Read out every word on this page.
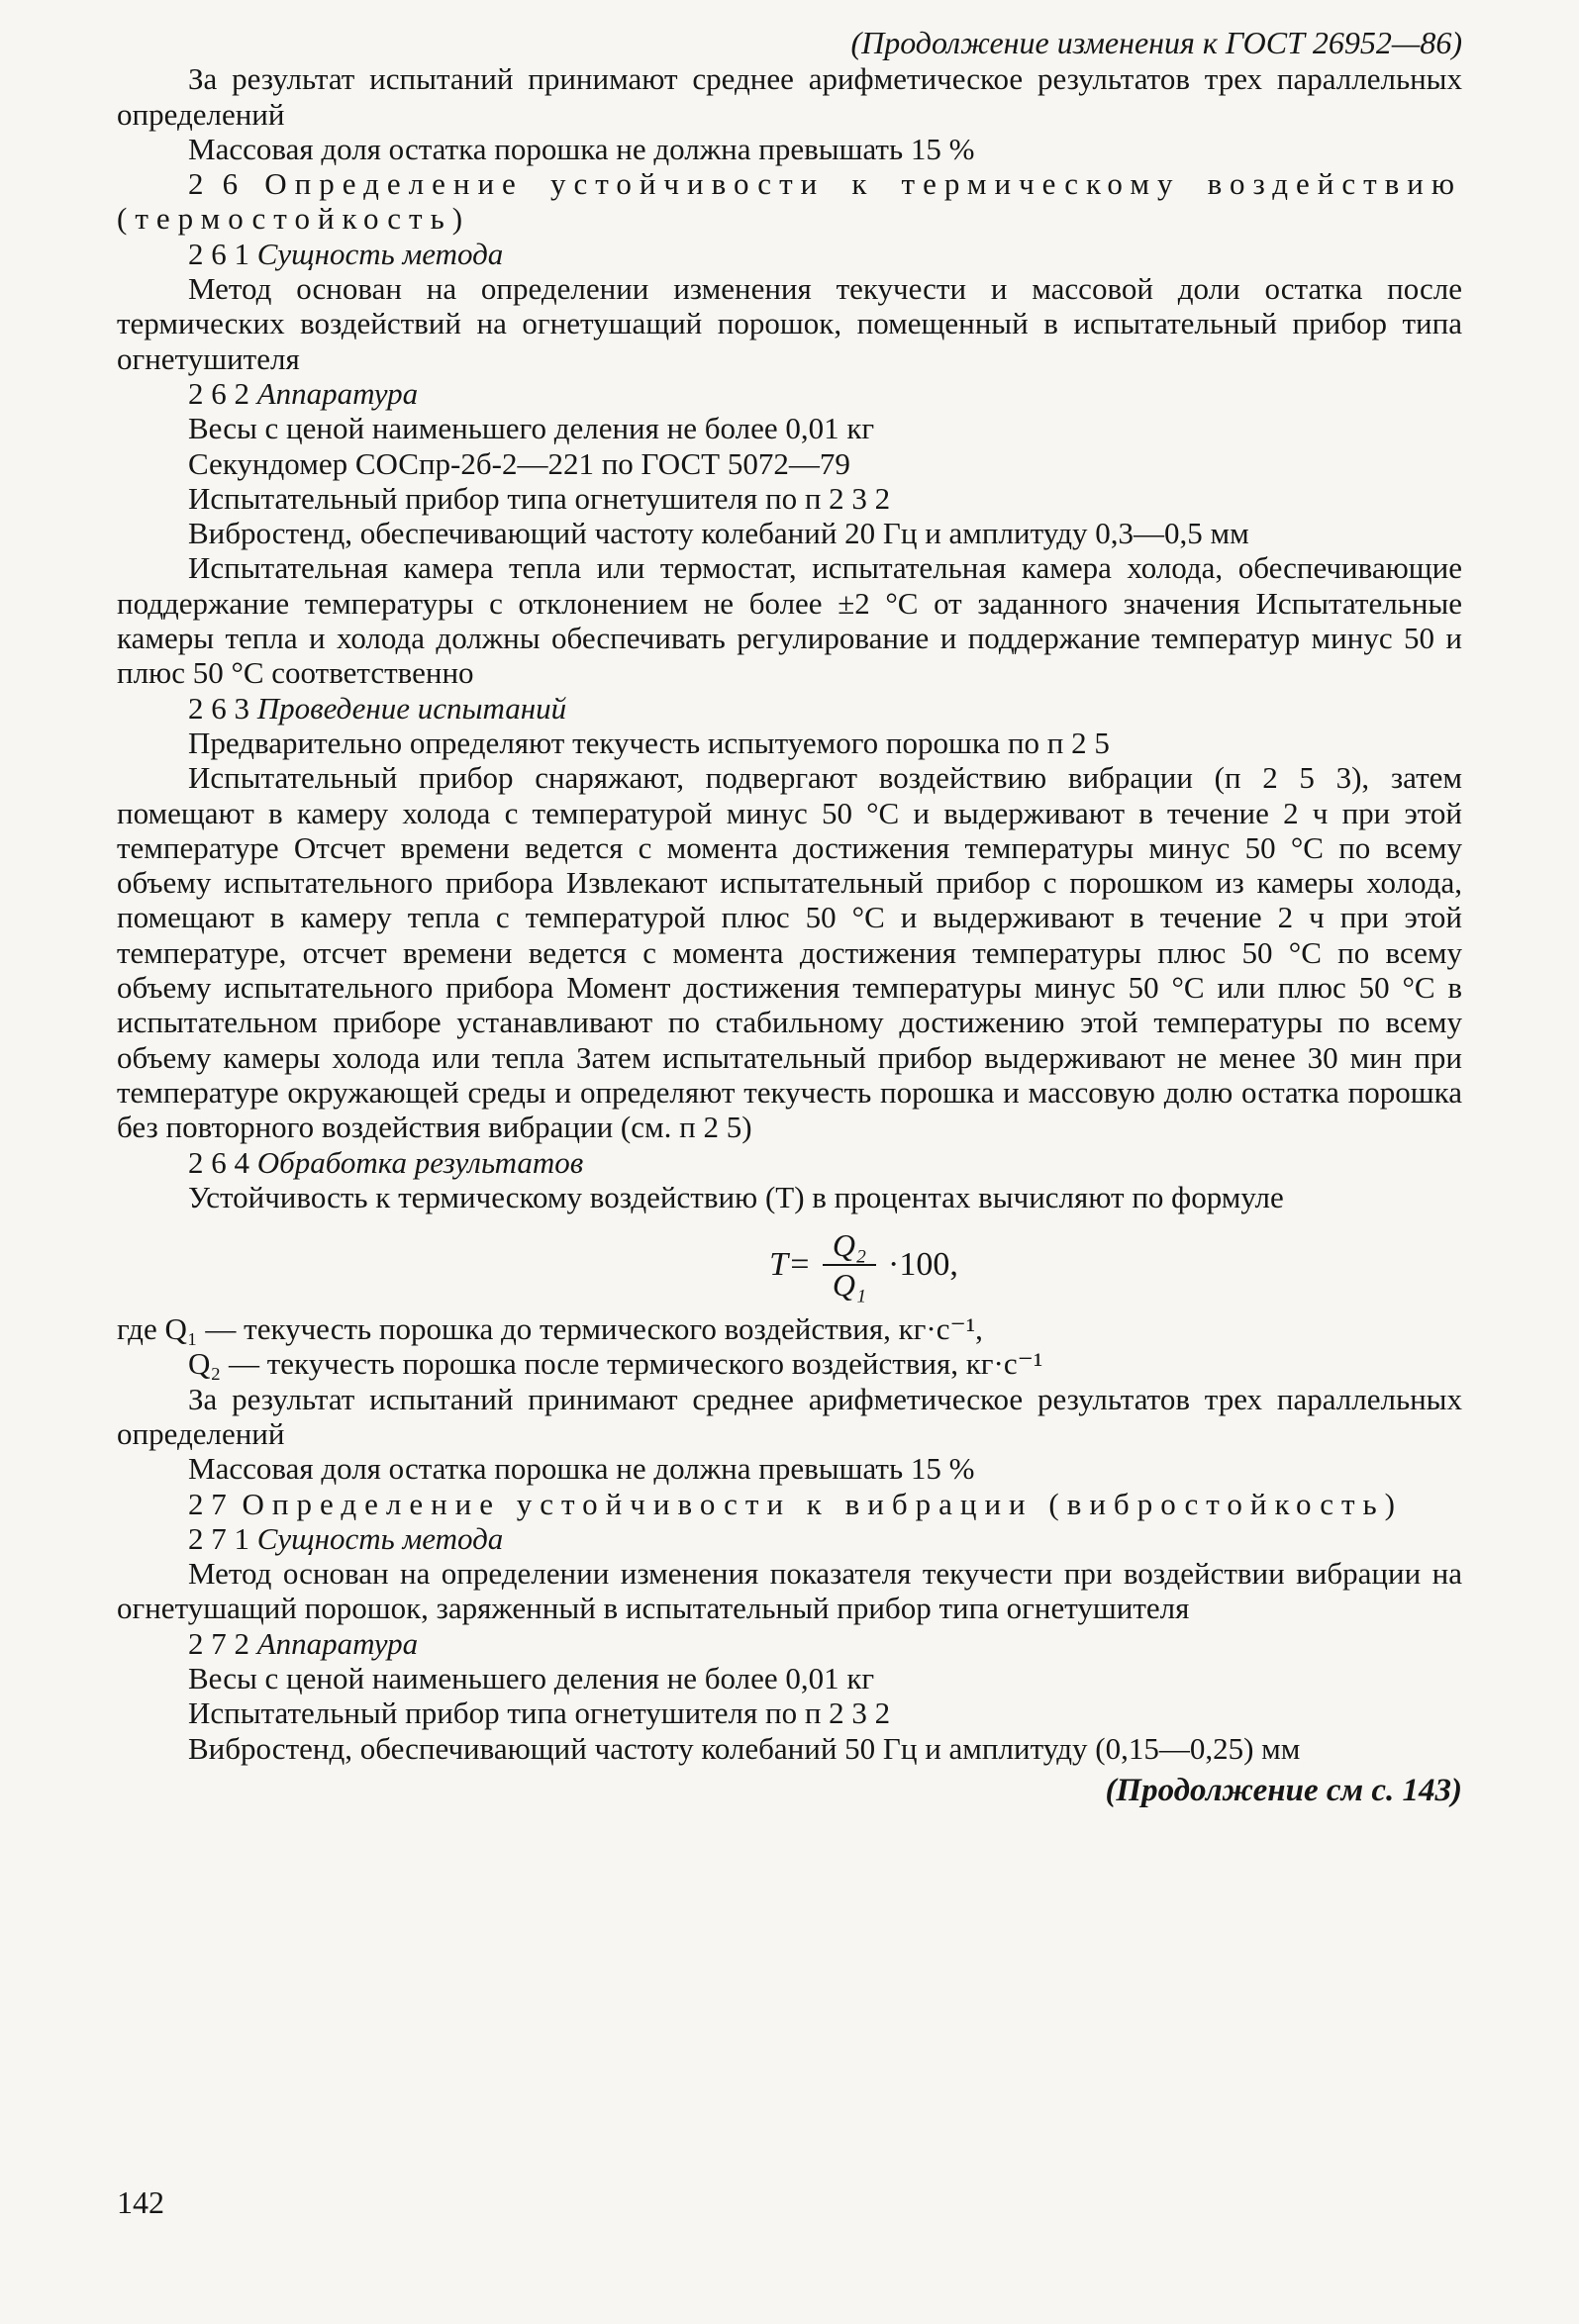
(Продолжение изменения к ГОСТ 26952—86)

За результат испытаний принимают среднее арифметическое результатов трех параллельных определений

Массовая доля остатка порошка не должна превышать 15 %

2 6 Определение устойчивости к термическому воздействию (термостойкость)

2 6 1 Сущность метода

Метод основан на определении изменения текучести и массовой доли остатка после термических воздействий на огнетушащий порошок, помещенный в испытательный прибор типа огнетушителя

2 6 2 Аппаратура

Весы с ценой наименьшего деления не более 0,01 кг

Секундомер СОСпр-2б-2—221 по ГОСТ 5072—79

Испытательный прибор типа огнетушителя по п 2 3 2

Вибростенд, обеспечивающий частоту колебаний 20 Гц и амплитуду 0,3—0,5 мм

Испытательная камера тепла или термостат, испытательная камера холода, обеспечивающие поддержание температуры с отклонением не более ±2 °С от заданного значения Испытательные камеры тепла и холода должны обеспечивать регулирование и поддержание температур минус 50 и плюс 50 °С соответственно

2 6 3 Проведение испытаний

Предварительно определяют текучесть испытуемого порошка по п 2 5

Испытательный прибор снаряжают, подвергают воздействию вибрации (п 2 5 3), затем помещают в камеру холода с температурой минус 50 °С и выдерживают в течение 2 ч при этой температуре Отсчет времени ведется с момента достижения температуры минус 50 °С по всему объему испытательного прибора Извлекают испытательный прибор с порошком из камеры холода, помещают в камеру тепла с температурой плюс 50 °С и выдерживают в течение 2 ч при этой температуре, отсчет времени ведется с момента достижения температуры плюс 50 °С по всему объему испытательного прибора Момент достижения температуры минус 50 °С или плюс 50 °С в испытательном приборе устанавливают по стабильному достижению этой температуры по всему объему камеры холода или тепла Затем испытательный прибор выдерживают не менее 30 мин при температуре окружающей среды и определяют текучесть порошка и массовую долю остатка порошка без повторного воздействия вибрации (см. п 2 5)

2 6 4 Обработка результатов

Устойчивость к термическому воздействию (Т) в процентах вычисляют по формуле

$T= \frac{\text{Q₂}}{\text{Q₁}} \cdot 100$,

где Q₁ — текучесть порошка до термического воздействия, кг·с⁻¹,

Q₂ — текучесть порошка после термического воздействия, кг·с⁻¹

За результат испытаний принимают среднее арифметическое результатов трех параллельных определений

Массовая доля остатка порошка не должна превышать 15 %

2 7 Определение устойчивости к вибрации (вибростойкость)

2 7 1 Сущность метода

Метод основан на определении изменения показателя текучести при воздействии вибрации на огнетушащий порошок, заряженный в испытательный прибор типа огнетушителя

2 7 2 Аппаратура

Весы с ценой наименьшего деления не более 0,01 кг

Испытательный прибор типа огнетушителя по п 2 3 2

Вибростенд, обеспечивающий частоту колебаний 50 Гц и амплитуду (0,15—0,25) мм

(Продолжение см с. 143)
142
